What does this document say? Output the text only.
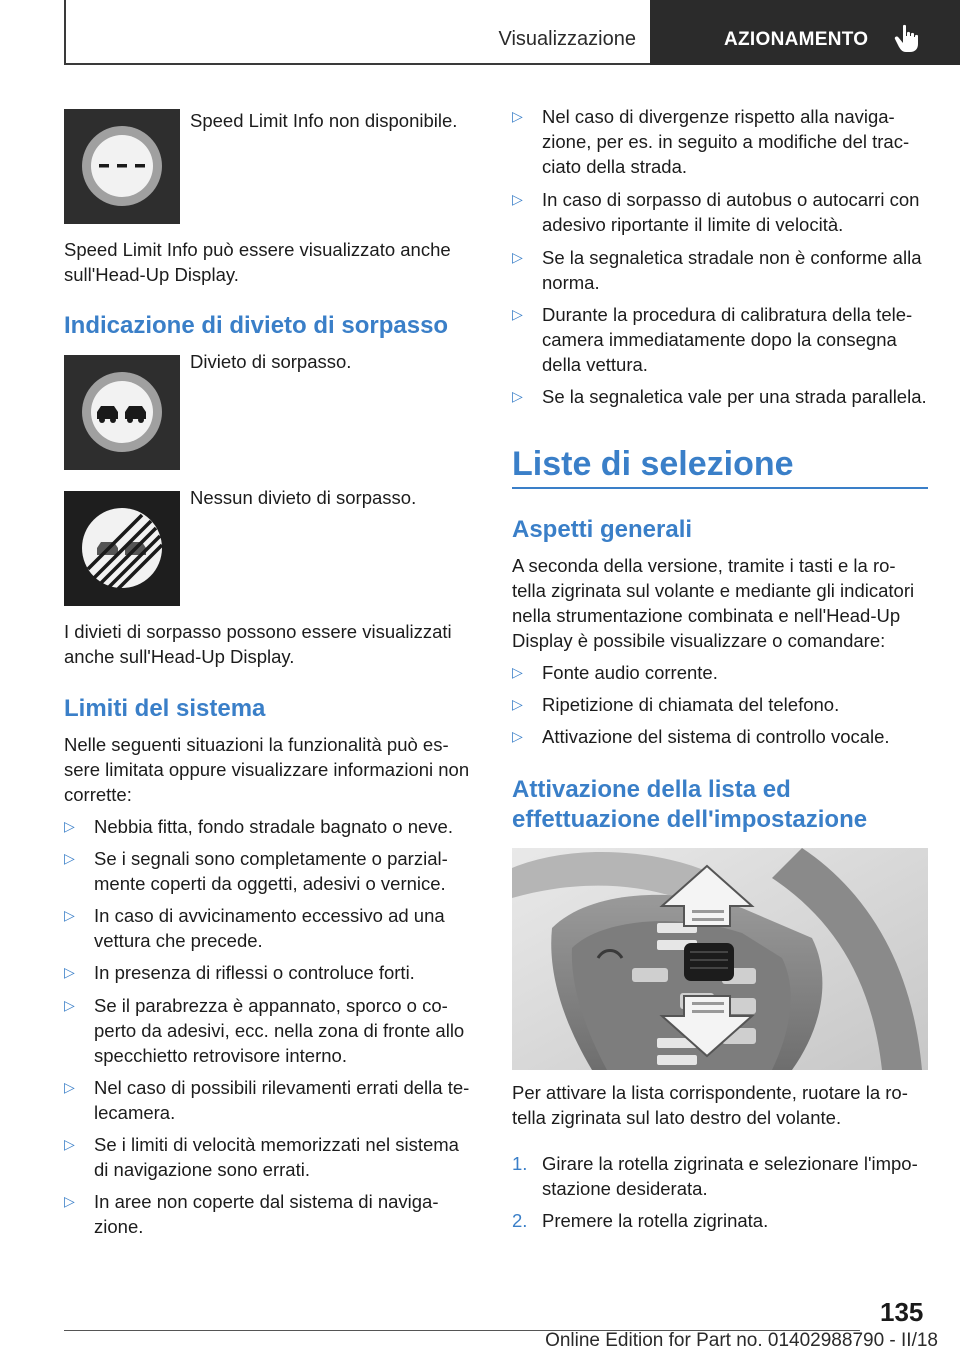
Visualizzazione	AZIONAMENTO
Speed Limit Info non disponibile.
Speed Limit Info può essere visualizzato anche
sull'Head-Up Display.
Indicazione di divieto di sorpasso
Divieto di sorpasso.
Nessun divieto di sorpasso.
I divieti di sorpasso possono essere visualizzati
anche sull'Head-Up Display.
Limiti del sistema
Nelle seguenti situazioni la funzionalità può es-
sere limitata oppure visualizzare informazioni non
corrette:
▷ Nebbia fitta, fondo stradale bagnato o neve.
▷ Se i segnali sono completamente o parzial-
mente coperti da oggetti, adesivi o vernice.
▷ In caso di avvicinamento eccessivo ad una
vettura che precede.
▷ In presenza di riflessi o controluce forti.
▷ Se il parabrezza è appannato, sporco o co-
perto da adesivi, ecc. nella zona di fronte allo
specchietto retrovisore interno.
▷ Nel caso di possibili rilevamenti errati della te-
lecamera.
▷ Se i limiti di velocità memorizzati nel sistema
di navigazione sono errati.
▷ In aree non coperte dal sistema di naviga-
zione.
▷ Nel caso di divergenze rispetto alla naviga-
zione, per es. in seguito a modifiche del trac-
ciato della strada.
▷ In caso di sorpasso di autobus o autocarri con
adesivo riportante il limite di velocità.
▷ Se la segnaletica stradale non è conforme alla
norma.
▷ Durante la procedura di calibratura della tele-
camera immediatamente dopo la consegna
della vettura.
▷ Se la segnaletica vale per una strada parallela.
Liste di selezione
Aspetti generali
A seconda della versione, tramite i tasti e la ro-
tella zigrinata sul volante e mediante gli indicatori
nella strumentazione combinata e nell'Head-Up
Display è possibile visualizzare o comandare:
▷ Fonte audio corrente.
▷ Ripetizione di chiamata del telefono.
▷ Attivazione del sistema di controllo vocale.
Attivazione della lista ed
effettuazione dell'impostazione
Per attivare la lista corrispondente, ruotare la ro-
tella zigrinata sul lato destro del volante.
1. Girare la rotella zigrinata e selezionare l'impo-
stazione desiderata.
2. Premere la rotella zigrinata.
135
Online Edition for Part no. 01402988790 - II/18
